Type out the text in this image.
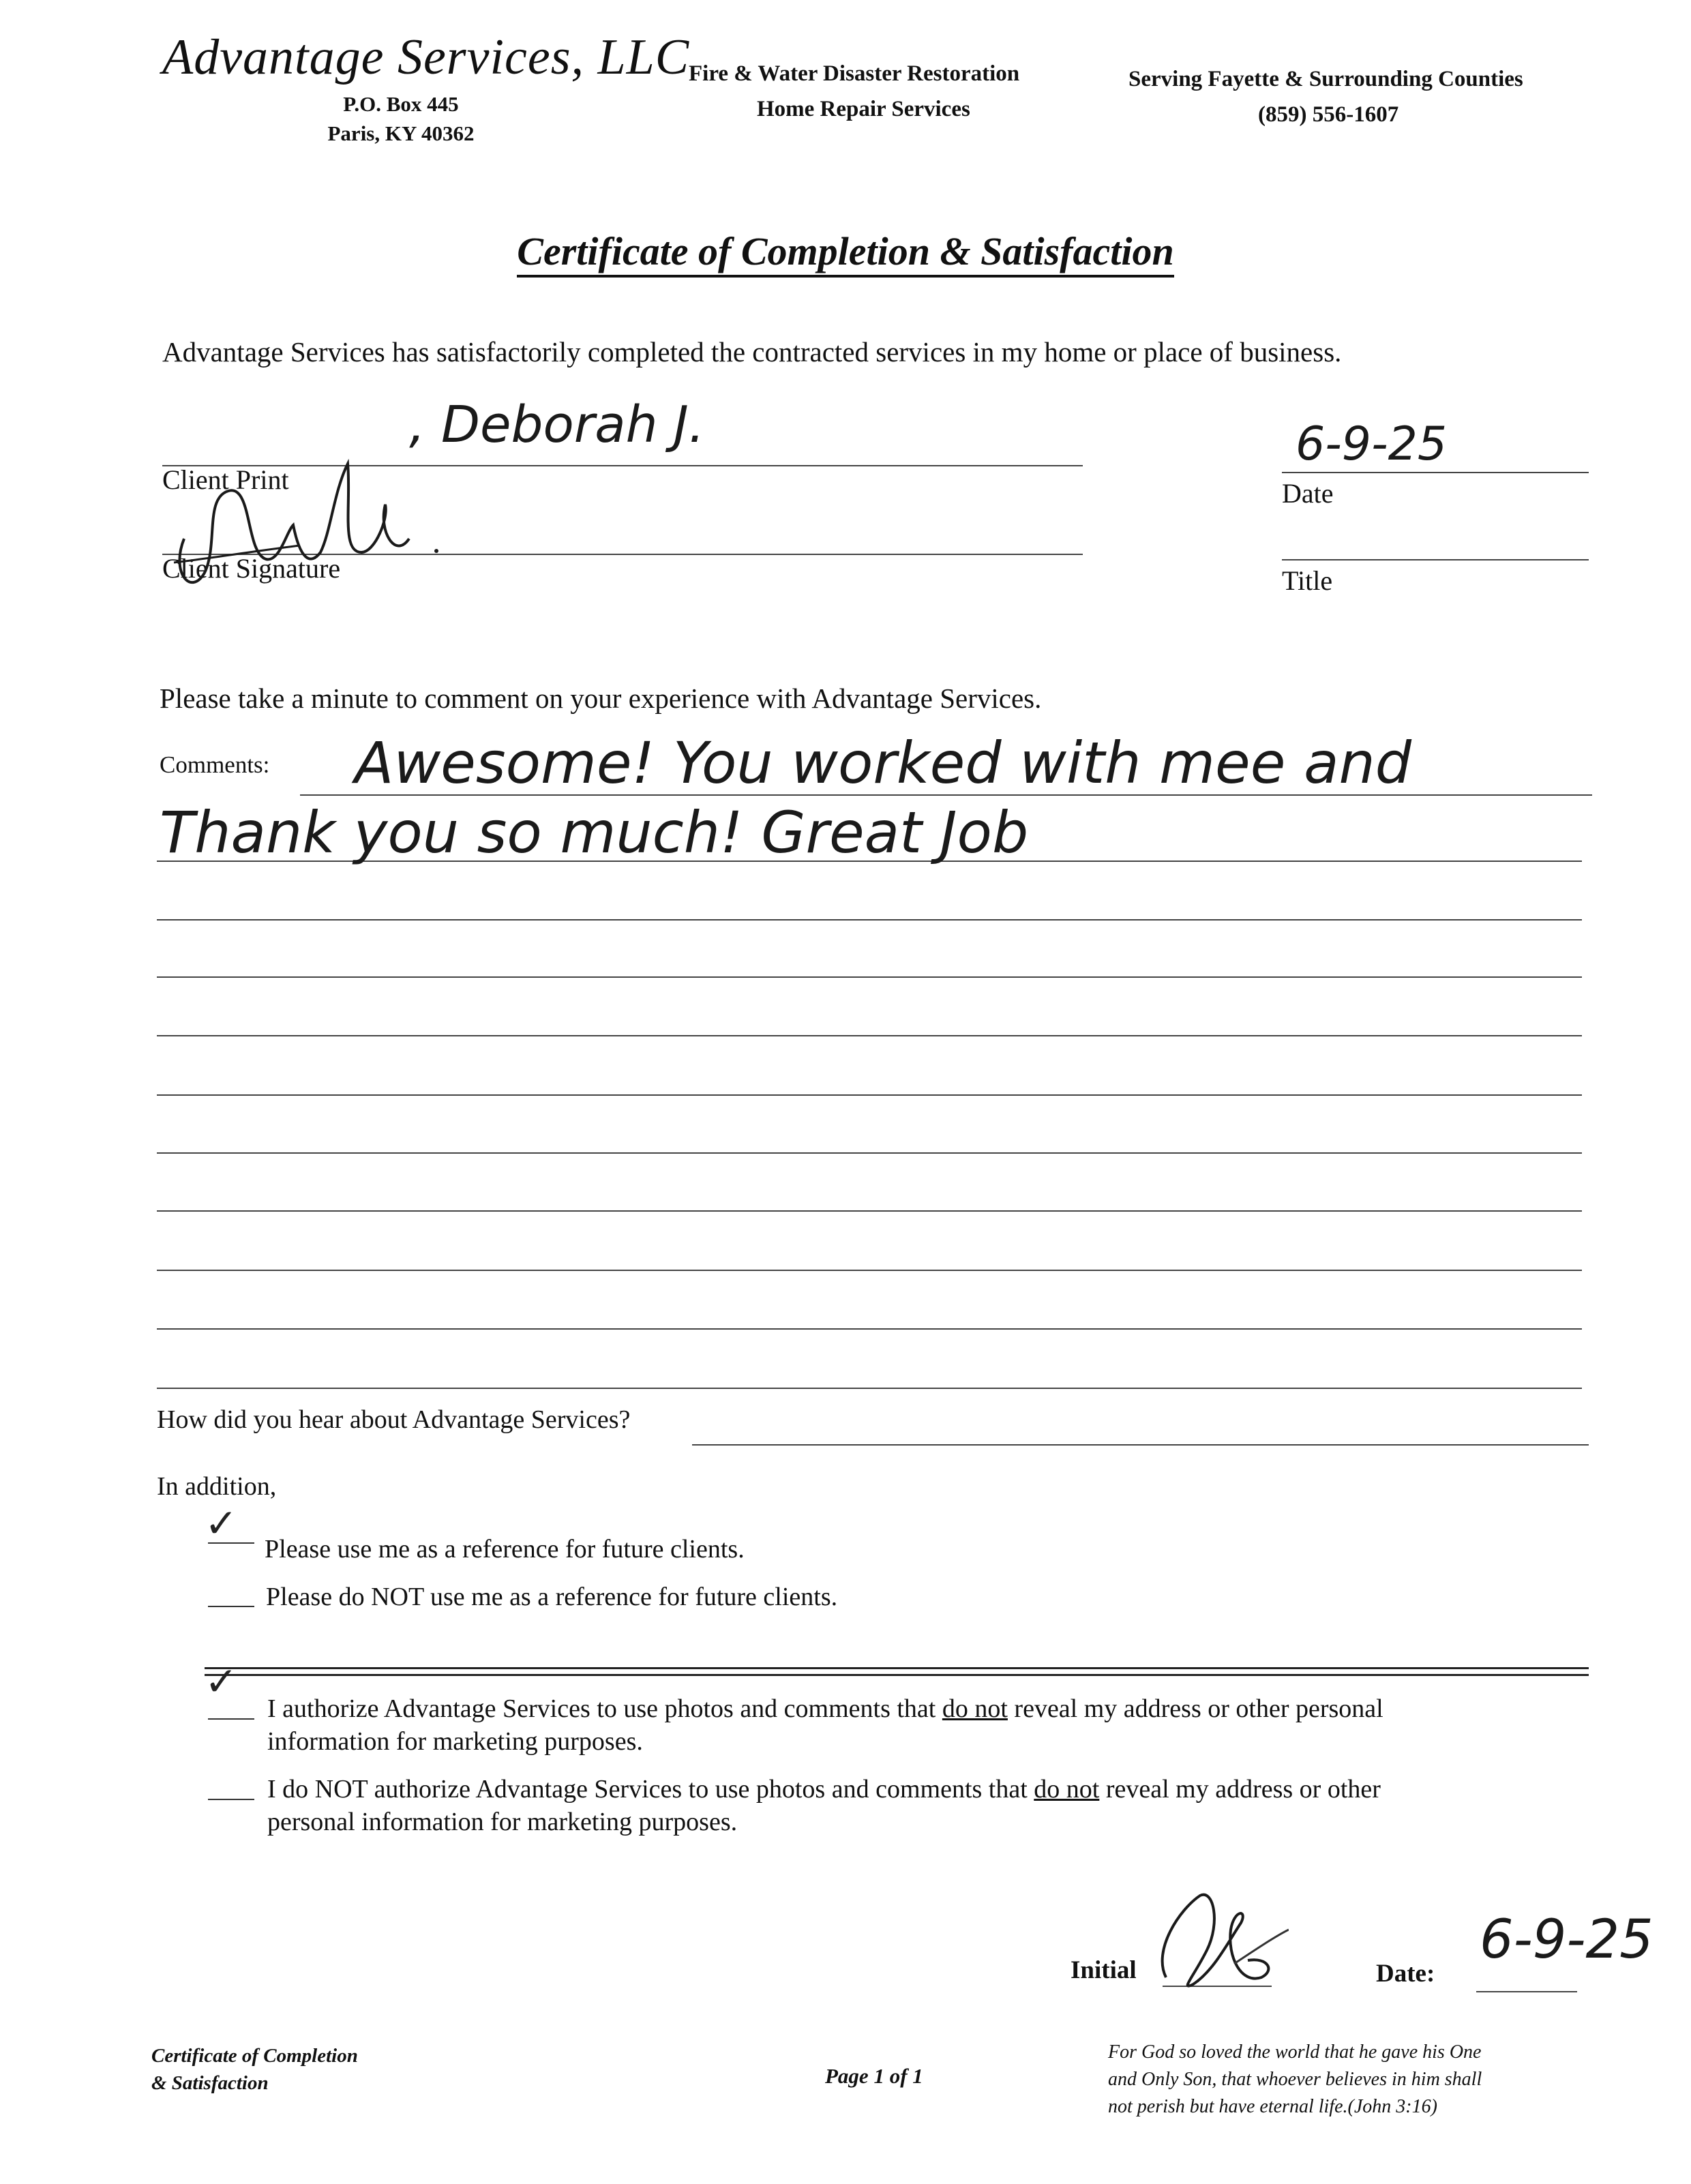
Advantage Services, LLC
P.O. Box 445
Paris, KY 40362
Fire & Water Disaster Restoration
Home Repair Services
Serving Fayette & Surrounding Counties
(859) 556-1607
Certificate of Completion & Satisfaction
Advantage Services has satisfactorily completed the contracted services in my home or place of business.
Client Print
, Deborah J.	6-9-25
Date
Client Signature	Title
Please take a minute to comment on your experience with Advantage Services.
Comments: Awesome! You worked with mee and
Thank you so much! Great Job
How did you hear about Advantage Services?
In addition,
✓
Please use me as a reference for future clients.
Please do NOT use me as a reference for future clients.
✓
I authorize Advantage Services to use photos and comments that do not reveal my address or other personal
information for marketing purposes.
I do NOT authorize Advantage Services to use photos and comments that do not reveal my address or other
personal information for marketing purposes.
Initial	Date:
6-9-25
Certificate of Completion
& Satisfaction	Page 1 of 1
For God so loved the world that he gave his One
and Only Son, that whoever believes in him shall
not perish but have eternal life.(John 3:16)
